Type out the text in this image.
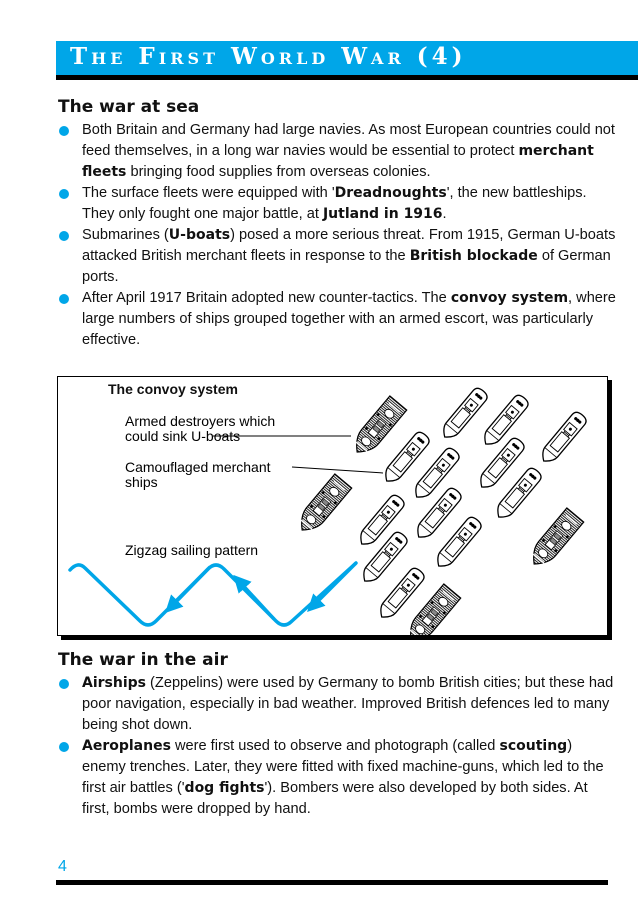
The First World War (4)
The war at sea
Both Britain and Germany had large navies. As most European countries could not feed themselves, in a long war navies would be essential to protect merchant fleets bringing food supplies from overseas colonies.
The surface fleets were equipped with 'Dreadnoughts', the new battleships. They only fought one major battle, at Jutland in 1916.
Submarines (U-boats) posed a more serious threat. From 1915, German U-boats attacked British merchant fleets in response to the British blockade of German ports.
After April 1917 Britain adopted new counter-tactics. The convoy system, where large numbers of ships grouped together with an armed escort, was particularly effective.
The convoy system
Armed destroyers which
could sink U-boats
Camouflaged merchant
ships
Zigzag sailing pattern
The war in the air
Airships (Zeppelins) were used by Germany to bomb British cities; but these had poor navigation, especially in bad weather. Improved British defences led to many being shot down.
Aeroplanes were first used to observe and photograph (called scouting) enemy trenches. Later, they were fitted with fixed machine-guns, which led to the first air battles ('dog fights'). Bombers were also developed by both sides. At first, bombs were dropped by hand.
4
